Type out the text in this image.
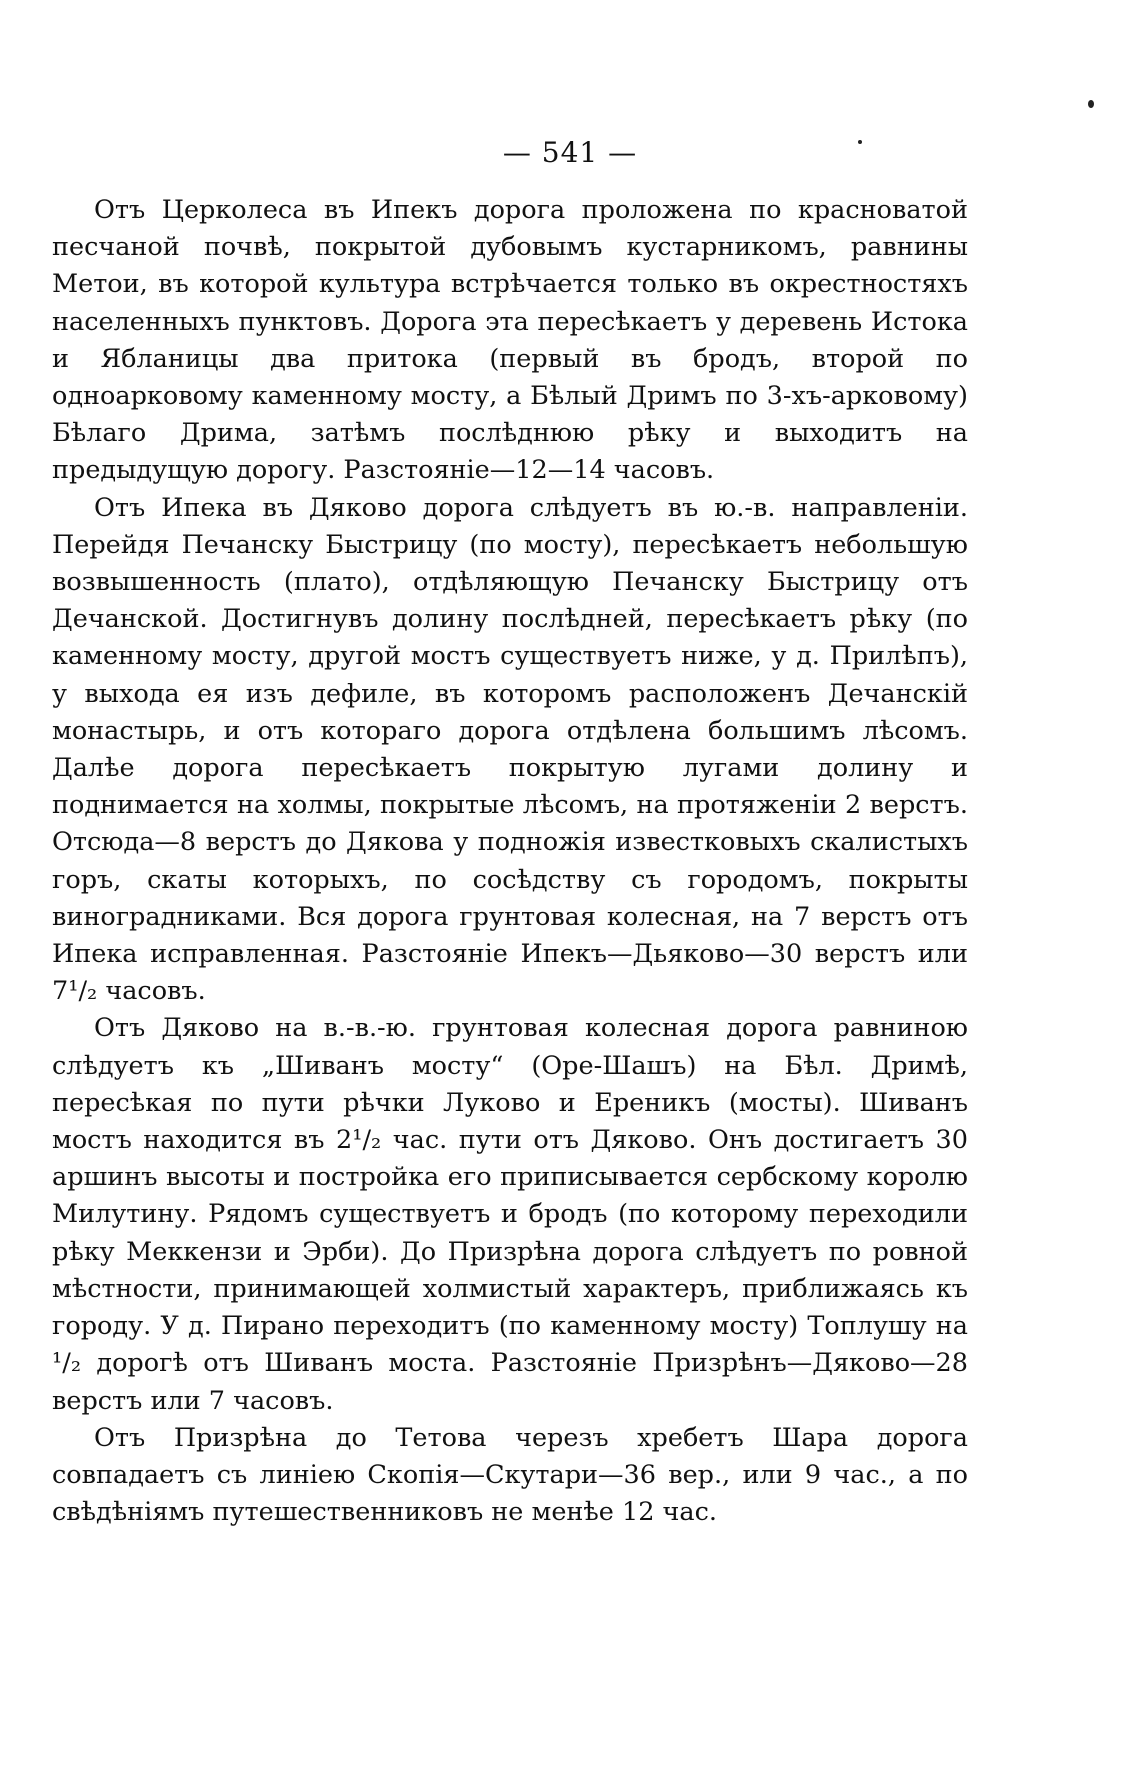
— 541 —

Отъ Церколеса въ Ипекъ дорога проложена по красноватой песчаной почвѣ, покрытой дубовымъ кустарникомъ, равнины Метои, въ которой культура встрѣчается только въ окрестностяхъ населенныхъ пунктовъ. Дорога эта пересѣкаетъ у деревень Истока и Ябланицы два притока (первый въ бродъ, второй по одноарковому каменному мосту, а Бѣлый Дримъ по 3-хъ-арковому) Бѣлаго Дрима, затѣмъ послѣднюю рѣку и выходитъ на предыдущую дорогу. Разстояніе—12—14 часовъ.

Отъ Ипека въ Дяково дорога слѣдуетъ въ ю.-в. направленіи. Перейдя Печанску Быстрицу (по мосту), пересѣкаетъ небольшую возвышенность (плато), отдѣляющую Печанску Быстрицу отъ Дечанской. Достигнувъ долину послѣдней, пересѣкаетъ рѣку (по каменному мосту, другой мостъ существуетъ ниже, у д. Прилѣпъ), у выхода ея изъ дефиле, въ которомъ расположенъ Дечанскій монастырь, и отъ котораго дорога отдѣлена большимъ лѣсомъ. Далѣе дорога пересѣкаетъ покрытую лугами долину и поднимается на холмы, покрытые лѣсомъ, на протяженіи 2 верстъ. Отсюда—8 верстъ до Дякова у подножія известковыхъ скалистыхъ горъ, скаты которыхъ, по сосѣдству съ городомъ, покрыты виноградниками. Вся дорога грунтовая колесная, на 7 верстъ отъ Ипека исправленная. Разстояніе Ипекъ—Дьяково—30 верстъ или 7¹/₂ часовъ.

Отъ Дяково на в.-в.-ю. грунтовая колесная дорога равниною слѣдуетъ къ „Шиванъ мосту“ (Оре-Шашъ) на Бѣл. Дримѣ, пересѣкая по пути рѣчки Луково и Ереникъ (мосты). Шиванъ мостъ находится въ 2¹/₂ час. пути отъ Дяково. Онъ достигаетъ 30 аршинъ высоты и постройка его приписывается сербскому королю Милутину. Рядомъ существуетъ и бродъ (по которому переходили рѣку Меккензи и Эрби). До Призрѣна дорога слѣдуетъ по ровной мѣстности, принимающей холмистый характеръ, приближаясь къ городу. У д. Пирано переходитъ (по каменному мосту) Топлушу на ¹/₂ дорогѣ отъ Шиванъ моста. Разстояніе Призрѣнъ—Дяково—28 верстъ или 7 часовъ.

Отъ Призрѣна до Тетова черезъ хребетъ Шара дорога совпадаетъ съ линіею Скопія—Скутари—36 вер., или 9 час., а по свѣдѣніямъ путешественниковъ не менѣе 12 час.
